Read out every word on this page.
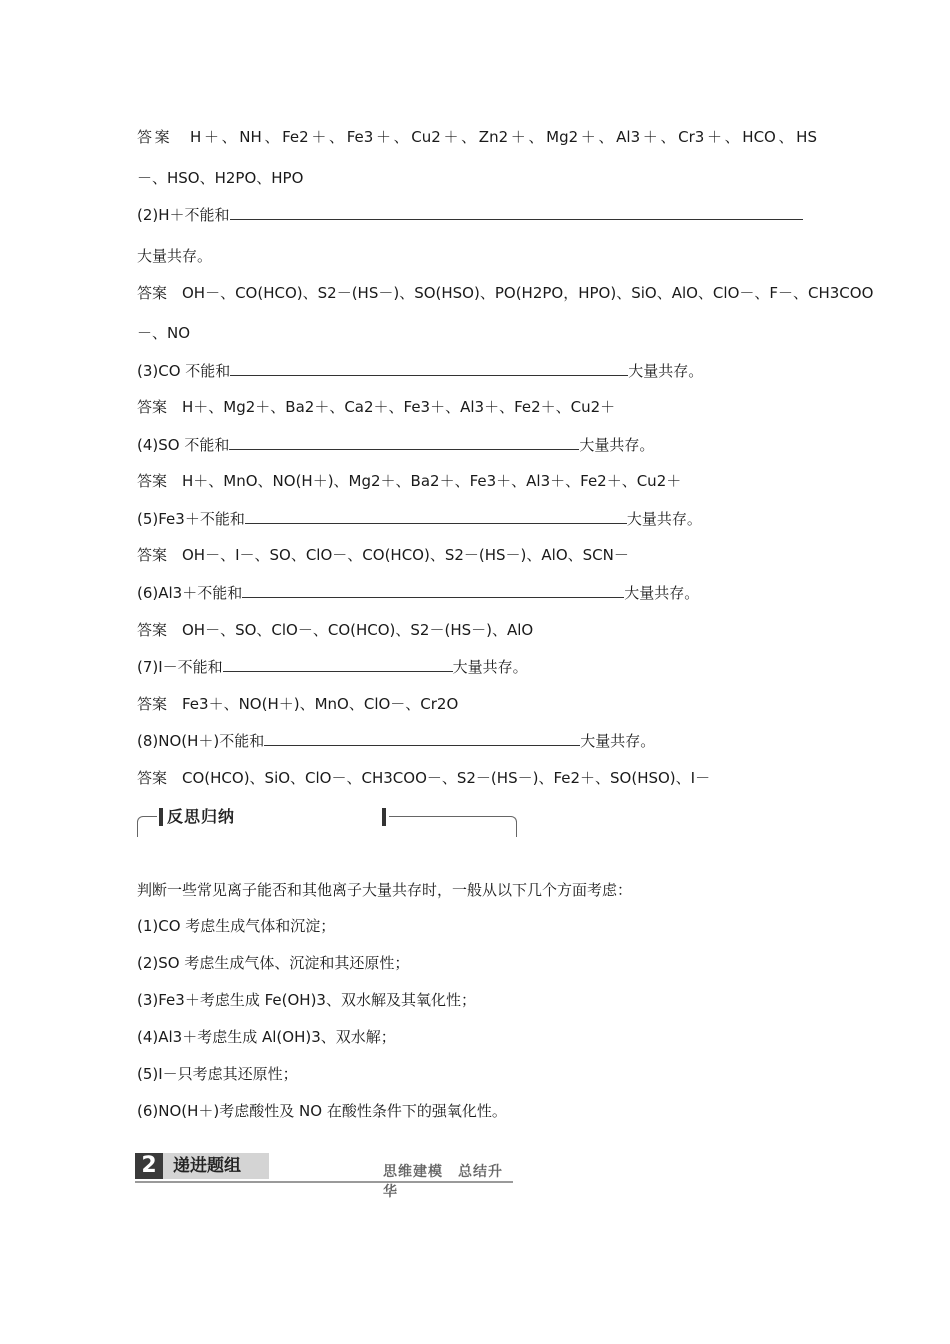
答案　H＋、NH、Fe2＋、Fe3＋、Cu2＋、Zn2＋、Mg2＋、Al3＋、Cr3＋、HCO、HS
－、HSO、H2PO、HPO
(2)H＋不能和
大量共存。
答案　OH－、CO(HCO)、S2－(HS－)、SO(HSO)、PO(H2PO，HPO)、SiO、AlO、ClO－、F－、CH3COO
－、NO
(3)CO 不能和	大量共存。
答案　H＋、Mg2＋、Ba2＋、Ca2＋、Fe3＋、Al3＋、Fe2＋、Cu2＋
(4)SO 不能和	大量共存。
答案　H＋、MnO、NO(H＋)、Mg2＋、Ba2＋、Fe3＋、Al3＋、Fe2＋、Cu2＋
(5)Fe3＋不能和	大量共存。
答案　OH－、I－、SO、ClO－、CO(HCO)、S2－(HS－)、AlO、SCN－
(6)Al3＋不能和	大量共存。
答案　OH－、SO、ClO－、CO(HCO)、S2－(HS－)、AlO
(7)I－不能和	大量共存。
答案　Fe3＋、NO(H＋)、MnO、ClO－、Cr2O
(8)NO(H＋)不能和	大量共存。
答案　CO(HCO)、SiO、ClO－、CH3COO－、S2－(HS－)、Fe2＋、SO(HSO)、I－
反思归纳
判断一些常见离子能否和其他离子大量共存时，一般从以下几个方面考虑：
(1)CO 考虑生成气体和沉淀；
(2)SO 考虑生成气体、沉淀和其还原性；
(3)Fe3＋考虑生成 Fe(OH)3、双水解及其氧化性；
(4)Al3＋考虑生成 Al(OH)3、双水解；
(5)I－只考虑其还原性；
(6)NO(H＋)考虑酸性及 NO 在酸性条件下的强氧化性。
2 递进题组	思维建模　总结升华
